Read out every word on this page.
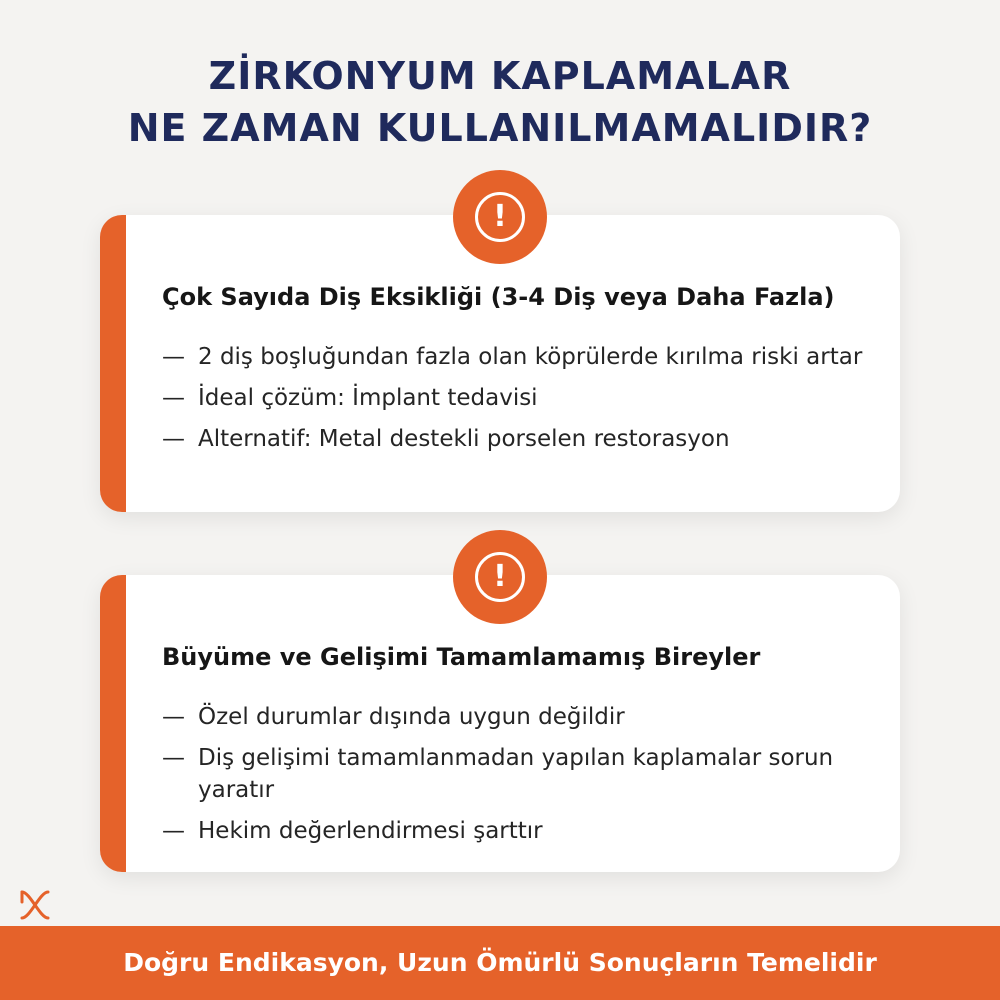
ZİRKONYUM KAPLAMALAR
NE ZAMAN KULLANILMAMALIDIR?
!
Çok Sayıda Diş Eksikliği (3-4 Diş veya Daha Fazla)
— 2 diş boşluğundan fazla olan köprülerde kırılma riski artar
— İdeal çözüm: İmplant tedavisi
— Alternatif: Metal destekli porselen restorasyon
!
Büyüme ve Gelişimi Tamamlamamış Bireyler
— Özel durumlar dışında uygun değildir
— Diş gelişimi tamamlanmadan yapılan kaplamalar sorun yaratır
— Hekim değerlendirmesi şarttır
Doğru Endikasyon, Uzun Ömürlü Sonuçların Temelidir
